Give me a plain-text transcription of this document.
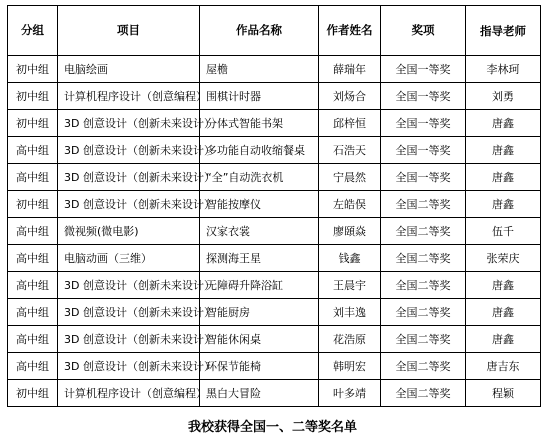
分组	项目	作品名称	作者姓名	奖项	指导老师
初中组	电脑绘画	屋檐	薛瑞年	全国一等奖	李林珂
初中组	计算机程序设计（创意编程）	围棋计时器	刘炀合	全国一等奖	刘勇
初中组	3D 创意设计（创新未来设计）	分体式智能书架	邱梓恒	全国一等奖	唐鑫
高中组	3D 创意设计（创新未来设计）	多功能自动收缩餐桌	石浩天	全国一等奖	唐鑫
高中组	3D 创意设计（创新未来设计）	“全”自动洗衣机	宁晨然	全国一等奖	唐鑫
初中组	3D 创意设计（创新未来设计）	智能按摩仪	左皓俣	全国二等奖	唐鑫
高中组	微视频(微电影)	汉家衣裳	廖頣焱	全国二等奖	伍千
高中组	电脑动画（三维）	探测海王星	钱鑫	全国二等奖	张荣庆
高中组	3D 创意设计（创新未来设计）	无障碍升降浴缸	王晨宇	全国二等奖	唐鑫
高中组	3D 创意设计（创新未来设计）	智能厨房	刘丰逸	全国二等奖	唐鑫
高中组	3D 创意设计（创新未来设计）	智能休闲桌	花浩原	全国二等奖	唐鑫
高中组	3D 创意设计（创新未来设计）	环保节能椅	韩明宏	全国二等奖	唐吉东
初中组	计算机程序设计（创意编程）	黑白大冒险	叶多靖	全国二等奖	程颖
我校获得全国一、二等奖名单
